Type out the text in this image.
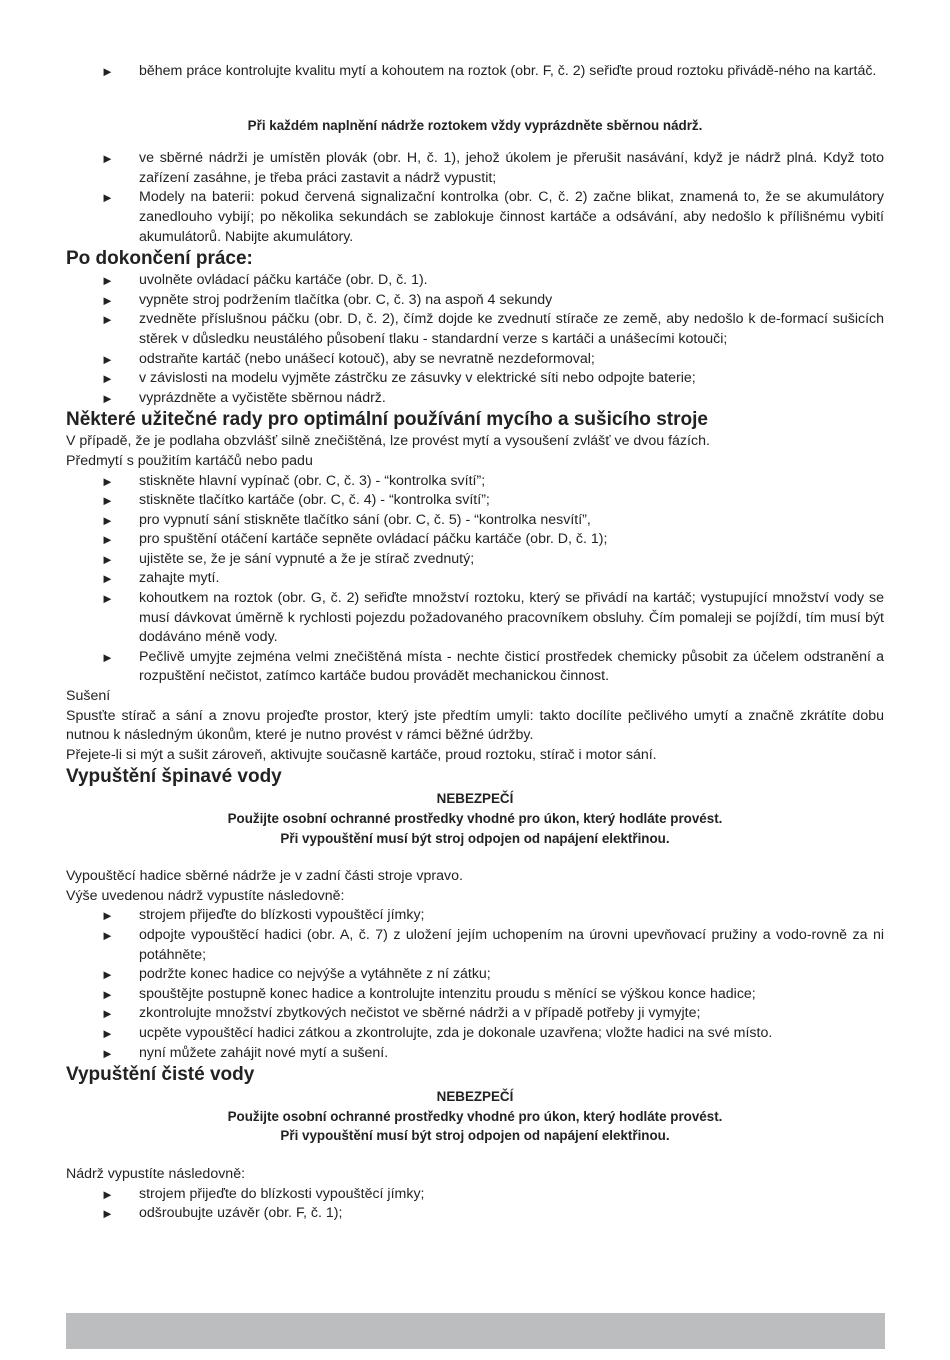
► během práce kontrolujte kvalitu mytí a kohoutem na roztok (obr. F, č. 2) seřiďte proud roztoku přivádě-ného na kartáč.

Při každém naplnění nádrže roztokem vždy vyprázdněte sběrnou nádrž.

► ve sběrné nádrži je umístěn plovák (obr. H, č. 1), jehož úkolem je přerušit nasávání, když je nádrž plná. Když toto zařízení zasáhne, je třeba práci zastavit a nádrž vypustit;
► Modely na baterii: pokud červená signalizační kontrolka (obr. C, č. 2) začne blikat, znamená to, že se akumulátory zanedlouho vybijí; po několika sekundách se zablokuje činnost kartáče a odsávání, aby nedošlo k přílišnému vybití akumulátorů. Nabijte akumulátory.
Po dokončení práce:
► uvolněte ovládací páčku kartáče (obr. D, č. 1).
► vypněte stroj podržením tlačítka (obr. C, č. 3) na aspoň 4 sekundy
► zvedněte příslušnou páčku (obr. D, č. 2), čímž dojde ke zvednutí stírače ze země, aby nedošlo k de-formací sušicích stěrek v důsledku neustálého působení tlaku - standardní verze s kartáči a unášecími kotouči;
► odstraňte kartáč (nebo unášecí kotouč), aby se nevratně nezdeformoval;
► v závislosti na modelu vyjměte zástrčku ze zásuvky v elektrické síti nebo odpojte baterie;
► vyprázdněte a vyčistěte sběrnou nádrž.
Některé užitečné rady pro optimální používání mycího a sušicího stroje

V případě, že je podlaha obzvlášť silně znečištěná, lze provést mytí a vysoušení zvlášť ve dvou fázích.

Předmytí s použitím kartáčů nebo padu

► stiskněte hlavní vypínač (obr. C, č. 3) - “kontrolka svítí”;
► stiskněte tlačítko kartáče (obr. C, č. 4) - “kontrolka svítí”;
► pro vypnutí sání stiskněte tlačítko sání (obr. C, č. 5) - “kontrolka nesvítí”,
► pro spuštění otáčení kartáče sepněte ovládací páčku kartáče (obr. D, č. 1);
► ujistěte se, že je sání vypnuté a že je stírač zvednutý;
► zahajte mytí.
► kohoutkem na roztok (obr. G, č. 2) seřiďte množství roztoku, který se přivádí na kartáč; vystupující množství vody se musí dávkovat úměrně k rychlosti pojezdu požadovaného pracovníkem obsluhy. Čím pomaleji se pojíždí, tím musí být dodáváno méně vody.
► Pečlivě umyjte zejména velmi znečištěná místa - nechte čisticí prostředek chemicky působit za účelem odstranění a rozpuštění nečistot, zatímco kartáče budou provádět mechanickou činnost.

Sušení

Spusťte stírač a sání a znovu projeďte prostor, který jste předtím umyli: takto docílíte pečlivého umytí a značně zkrátíte dobu nutnou k následným úkonům, které je nutno provést v rámci běžné údržby.

Přejete-li si mýt a sušit zároveň, aktivujte současně kartáče, proud roztoku, stírač i motor sání.

Vypuštění špinavé vody

NEBEZPEČÍ

Použijte osobní ochranné prostředky vhodné pro úkon, který hodláte provést.

Při vypouštění musí být stroj odpojen od napájení elektřinou.

Vypouštěcí hadice sběrné nádrže je v zadní části stroje vpravo.

Výše uvedenou nádrž vypustíte následovně:

► strojem přijeďte do blízkosti vypouštěcí jímky;
► odpojte vypouštěcí hadici (obr. A, č. 7) z uložení jejím uchopením na úrovni upevňovací pružiny a vodo-rovně za ni potáhněte;
► podržte konec hadice co nejvýše a vytáhněte z ní zátku;
► spouštějte postupně konec hadice a kontrolujte intenzitu proudu s měnící se výškou konce hadice;
► zkontrolujte množství zbytkových nečistot ve sběrné nádrži a v případě potřeby ji vymyjte;
► ucpěte vypouštěcí hadici zátkou a zkontrolujte, zda je dokonale uzavřena; vložte hadici na své místo.
► nyní můžete zahájit nové mytí a sušení.
Vypuštění čisté vody

NEBEZPEČÍ

Použijte osobní ochranné prostředky vhodné pro úkon, který hodláte provést.

Při vypouštění musí být stroj odpojen od napájení elektřinou.

Nádrž vypustíte následovně:

► strojem přijeďte do blízkosti vypouštěcí jímky;
► odšroubujte uzávěr (obr. F, č. 1);
